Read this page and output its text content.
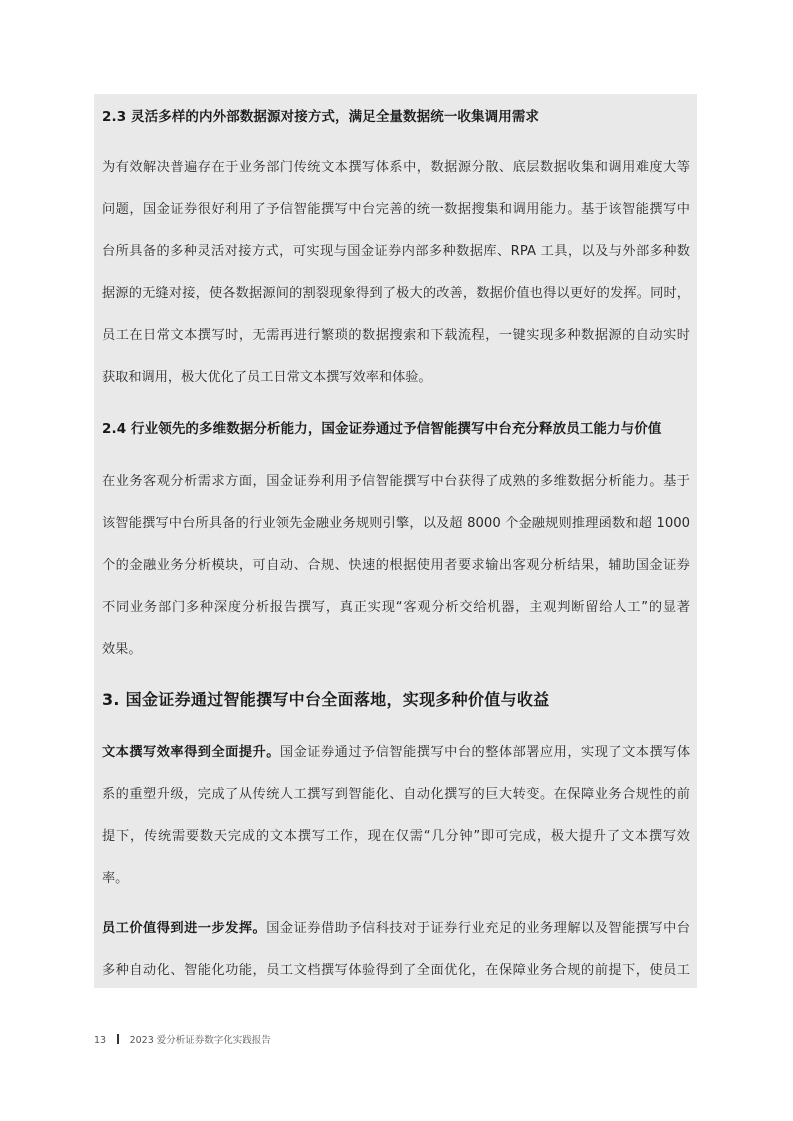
2.3 灵活多样的内外部数据源对接方式，满足全量数据统一收集调用需求
为有效解决普遍存在于业务部门传统文本撰写体系中，数据源分散、底层数据收集和调用难度大等
问题，国金证券很好利用了予信智能撰写中台完善的统一数据搜集和调用能力。基于该智能撰写中
台所具备的多种灵活对接方式，可实现与国金证券内部多种数据库、RPA 工具，以及与外部多种数
据源的无缝对接，使各数据源间的割裂现象得到了极大的改善，数据价值也得以更好的发挥。同时，
员工在日常文本撰写时，无需再进行繁琐的数据搜索和下载流程，一键实现多种数据源的自动实时
获取和调用，极大优化了员工日常文本撰写效率和体验。
2.4 行业领先的多维数据分析能力，国金证券通过予信智能撰写中台充分释放员工能力与价值
在业务客观分析需求方面，国金证券利用予信智能撰写中台获得了成熟的多维数据分析能力。基于
该智能撰写中台所具备的行业领先金融业务规则引擎，以及超 8000 个金融规则推理函数和超 1000
个的金融业务分析模块，可自动、合规、快速的根据使用者要求输出客观分析结果，辅助国金证券
不同业务部门多种深度分析报告撰写，真正实现“客观分析交给机器，主观判断留给人工”的显著
效果。
3. 国金证券通过智能撰写中台全面落地，实现多种价值与收益
文本撰写效率得到全面提升。国金证券通过予信智能撰写中台的整体部署应用，实现了文本撰写体
系的重塑升级，完成了从传统人工撰写到智能化、自动化撰写的巨大转变。在保障业务合规性的前
提下，传统需要数天完成的文本撰写工作，现在仅需“几分钟”即可完成，极大提升了文本撰写效
率。
员工价值得到进一步发挥。国金证券借助予信科技对于证券行业充足的业务理解以及智能撰写中台
多种自动化、智能化功能，员工文档撰写体验得到了全面优化，在保障业务合规的前提下，使员工
13 2023 爱分析证券数字化实践报告
